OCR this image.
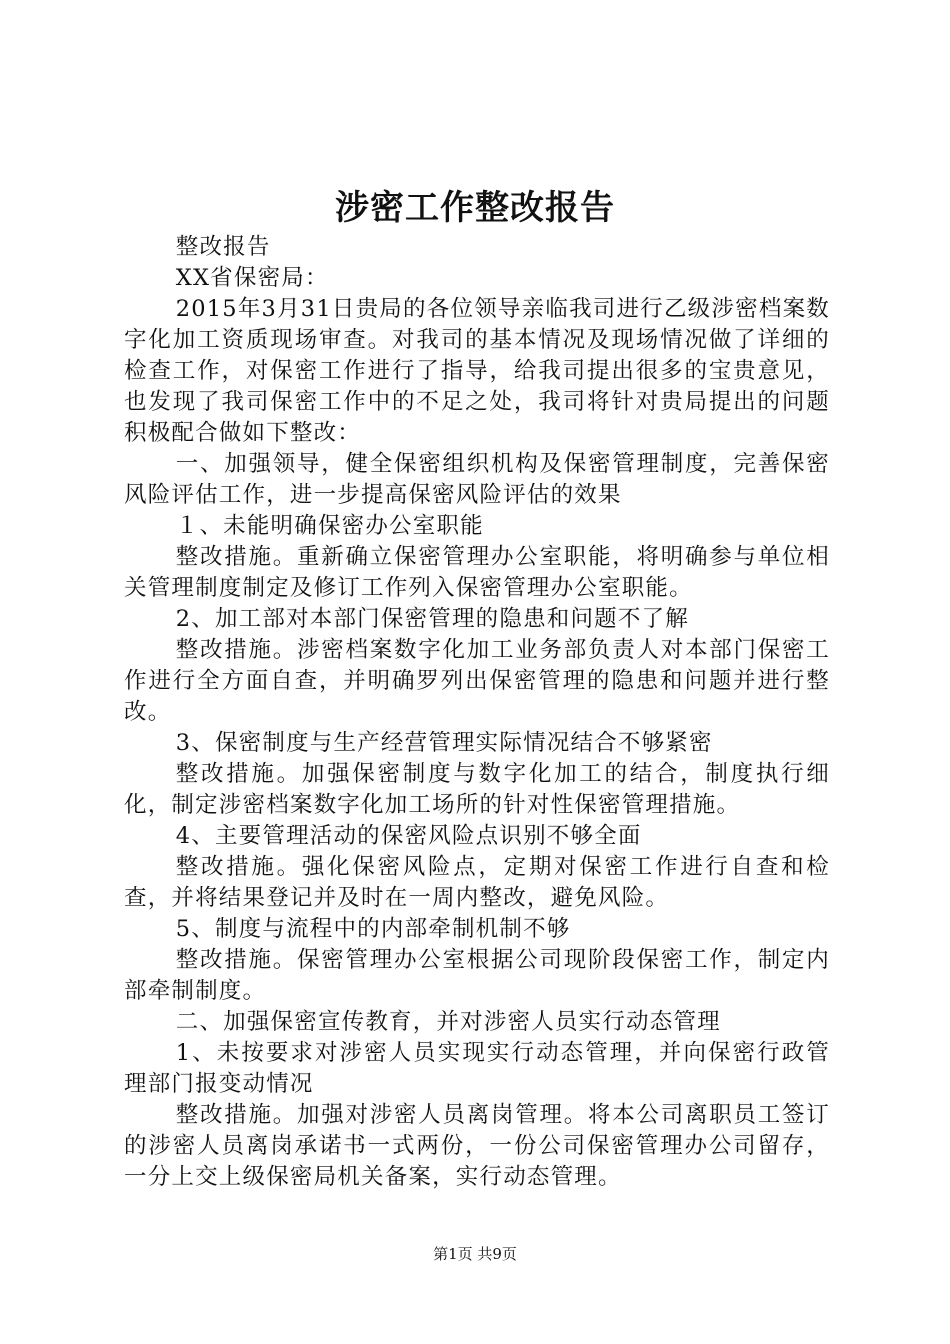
涉密工作整改报告

整改报告

XX省保密局：

2015年3月31日贵局的各位领导亲临我司进行乙级涉密档案数字化加工资质现场审查。对我司的基本情况及现场情况做了详细的检查工作，对保密工作进行了指导，给我司提出很多的宝贵意见，也发现了我司保密工作中的不足之处，我司将针对贵局提出的问题积极配合做如下整改：

一、加强领导，健全保密组织机构及保密管理制度，完善保密风险评估工作，进一步提高保密风险评估的效果

１、未能明确保密办公室职能

整改措施。重新确立保密管理办公室职能，将明确参与单位相关管理制度制定及修订工作列入保密管理办公室职能。

2、加工部对本部门保密管理的隐患和问题不了解

整改措施。涉密档案数字化加工业务部负责人对本部门保密工作进行全方面自查，并明确罗列出保密管理的隐患和问题并进行整改。

3、保密制度与生产经营管理实际情况结合不够紧密

整改措施。加强保密制度与数字化加工的结合，制度执行细化，制定涉密档案数字化加工场所的针对性保密管理措施。

4、主要管理活动的保密风险点识别不够全面

整改措施。强化保密风险点，定期对保密工作进行自查和检查，并将结果登记并及时在一周内整改，避免风险。

5、制度与流程中的内部牵制机制不够

整改措施。保密管理办公室根据公司现阶段保密工作，制定内部牵制制度。

二、加强保密宣传教育，并对涉密人员实行动态管理

1、未按要求对涉密人员实现实行动态管理，并向保密行政管理部门报变动情况

整改措施。加强对涉密人员离岗管理。将本公司离职员工签订的涉密人员离岗承诺书一式两份，一份公司保密管理办公司留存，一分上交上级保密局机关备案，实行动态管理。

第1页 共9页
